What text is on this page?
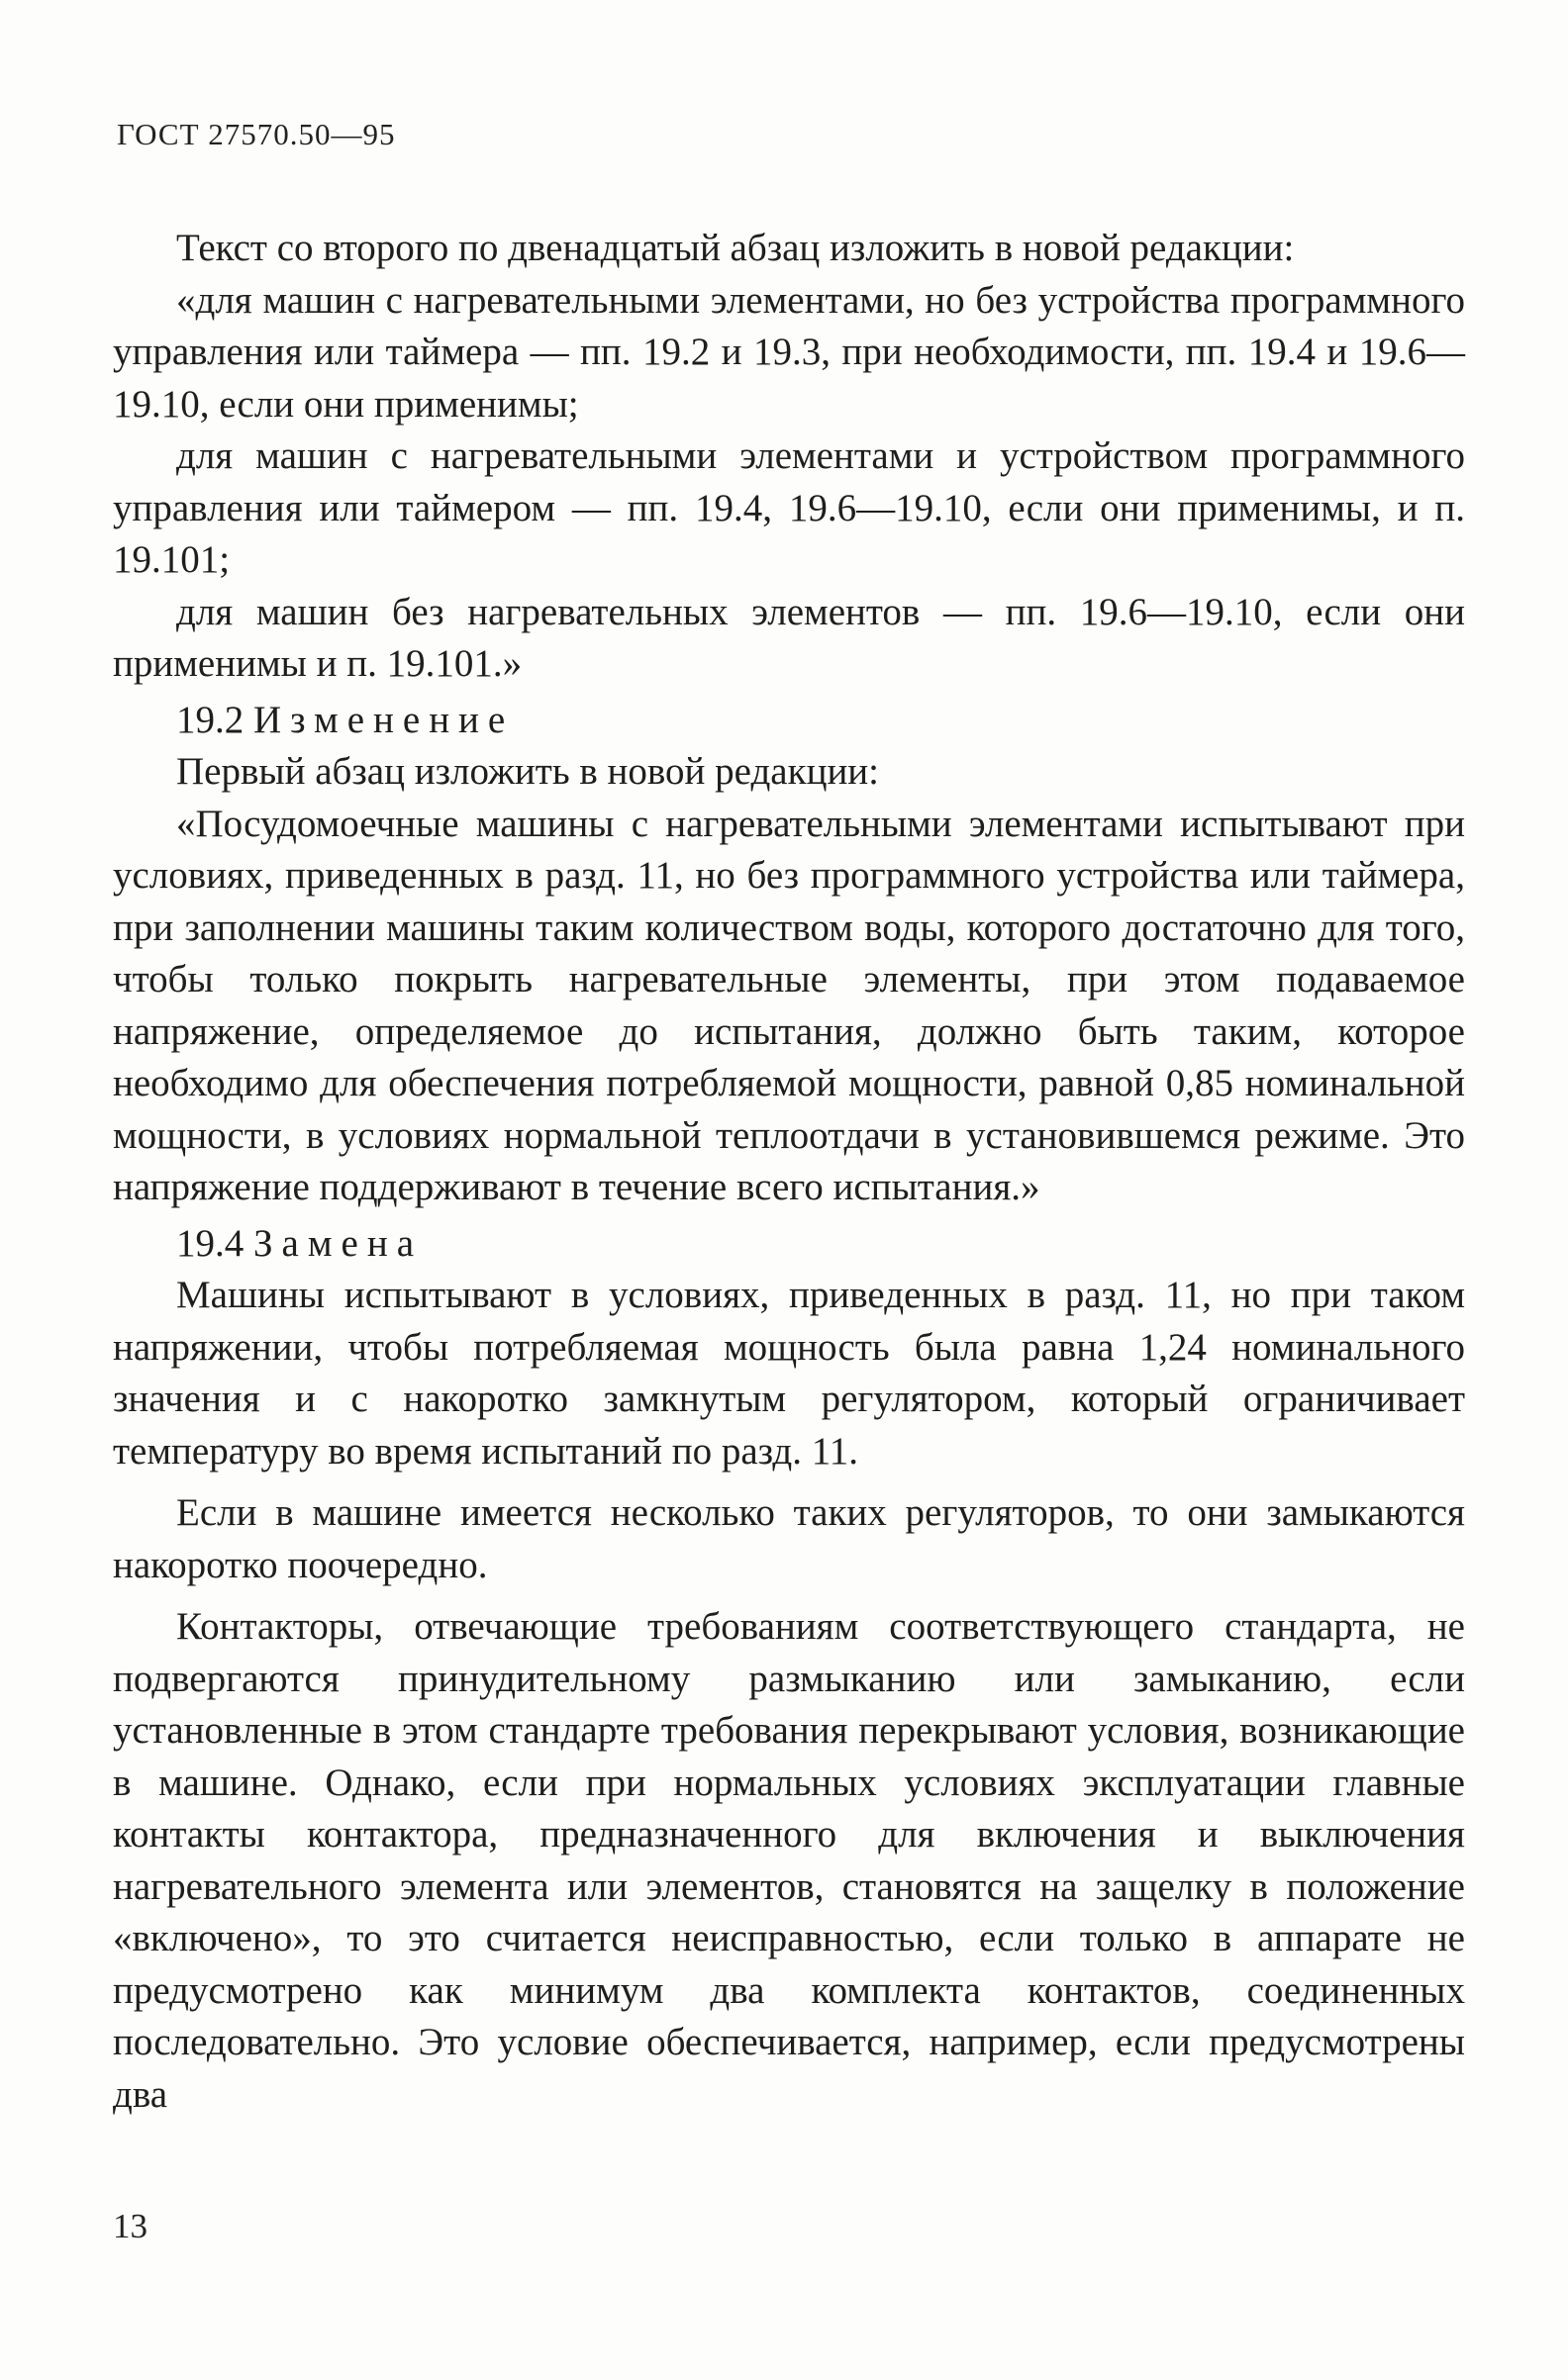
ГОСТ 27570.50—95

Текст со второго по двенадцатый абзац изложить в новой редакции:

«для машин с нагревательными элементами, но без устройства программного управления или таймера — пп. 19.2 и 19.3, при необходимости, пп. 19.4 и 19.6—19.10, если они применимы;

для машин с нагревательными элементами и устройством программного управления или таймером — пп. 19.4, 19.6—19.10, если они применимы, и п. 19.101;

для машин без нагревательных элементов — пп. 19.6—19.10, если они применимы и п. 19.101.»

19.2 Изменение

Первый абзац изложить в новой редакции:

«Посудомоечные машины с нагревательными элементами испытывают при условиях, приведенных в разд. 11, но без программного устройства или таймера, при заполнении машины таким количеством воды, которого достаточно для того, чтобы только покрыть нагревательные элементы, при этом подаваемое напряжение, определяемое до испытания, должно быть таким, которое необходимо для обеспечения потребляемой мощности, равной 0,85 номинальной мощности, в условиях нормальной теплоотдачи в установившемся режиме. Это напряжение поддерживают в течение всего испытания.»

19.4 Замена

Машины испытывают в условиях, приведенных в разд. 11, но при таком напряжении, чтобы потребляемая мощность была равна 1,24 номинального значения и с накоротко замкнутым регулятором, который ограничивает температуру во время испытаний по разд. 11.

Если в машине имеется несколько таких регуляторов, то они замыкаются накоротко поочередно.

Контакторы, отвечающие требованиям соответствующего стандарта, не подвергаются принудительному размыканию или замыканию, если установленные в этом стандарте требования перекрывают условия, возникающие в машине. Однако, если при нормальных условиях эксплуатации главные контакты контактора, предназначенного для включения и выключения нагревательного элемента или элементов, становятся на защелку в положение «включено», то это считается неисправностью, если только в аппарате не предусмотрено как минимум два комплекта контактов, соединенных последовательно. Это условие обеспечивается, например, если предусмотрены два

13
